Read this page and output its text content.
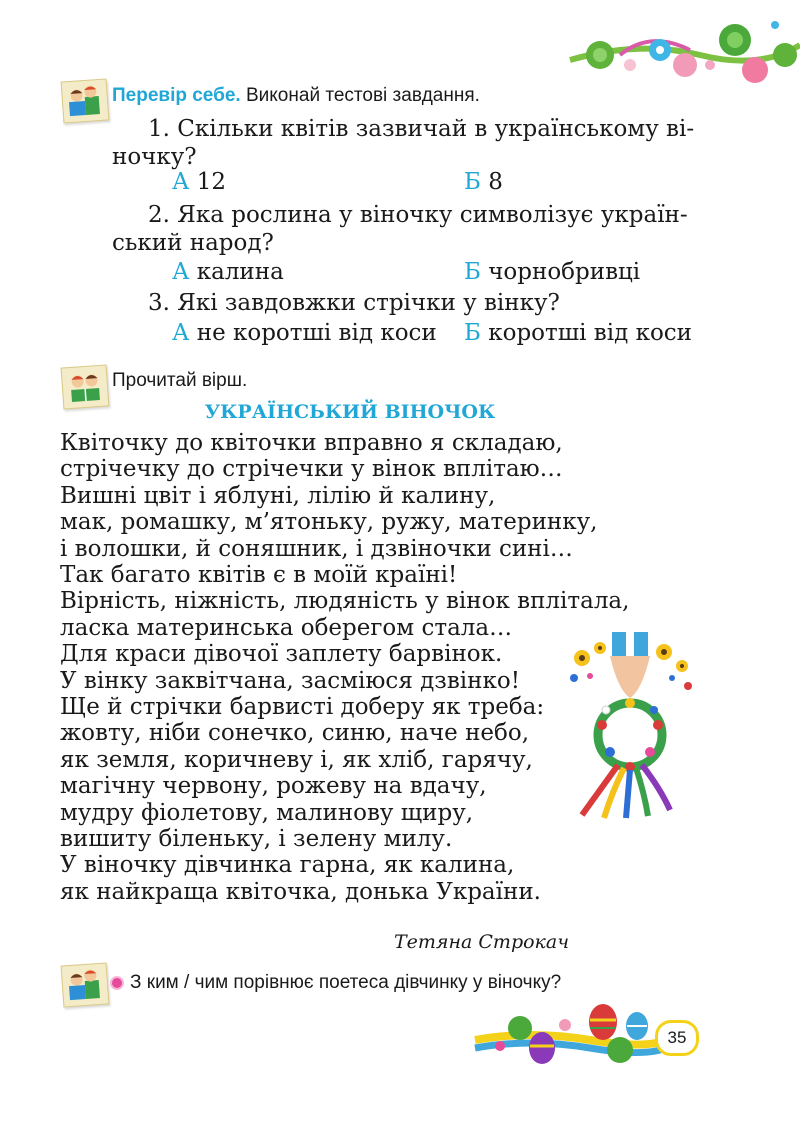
Перевір себе. Виконай тестові завдання.
1. Скільки квітів зазвичай в українському ві-
ночку?
А 12	Б 8
2. Яка рослина у віночку символізує україн-
ський народ?
А калина	Б чорнобривці
3. Які завдовжки стрічки у вінку?
А не коротші від коси Б коротші від коси
Прочитай вірш.
УКРАЇНСЬКИЙ ВІНОЧОК
Квіточку до квіточки вправно я складаю,
стрічечку до стрічечки у вінок вплітаю…
Вишні цвіт і яблуні, лілію й калину,
мак, ромашку, м’ятоньку, ружу, материнку,
і волошки, й соняшник, і дзвіночки сині…
Так багато квітів є в моїй країні!
Вірність, ніжність, людяність у вінок вплітала,
ласка материнська оберегом стала…
Для краси дівочої заплету барвінок.
У вінку заквітчана, засміюся дзвінко!
Ще й стрічки барвисті доберу як треба:
жовту, ніби сонечко, синю, наче небо,
як земля, коричневу і, як хліб, гарячу,
магічну червону, рожеву на вдачу,
мудру фіолетову, малинову щиру,
вишиту біленьку, і зелену милу.
У віночку дівчинка гарна, як калина,
як найкраща квіточка, донька України.
Тетяна Строкач
З ким / чим порівнює поетеса дівчинку у віночку?
35
